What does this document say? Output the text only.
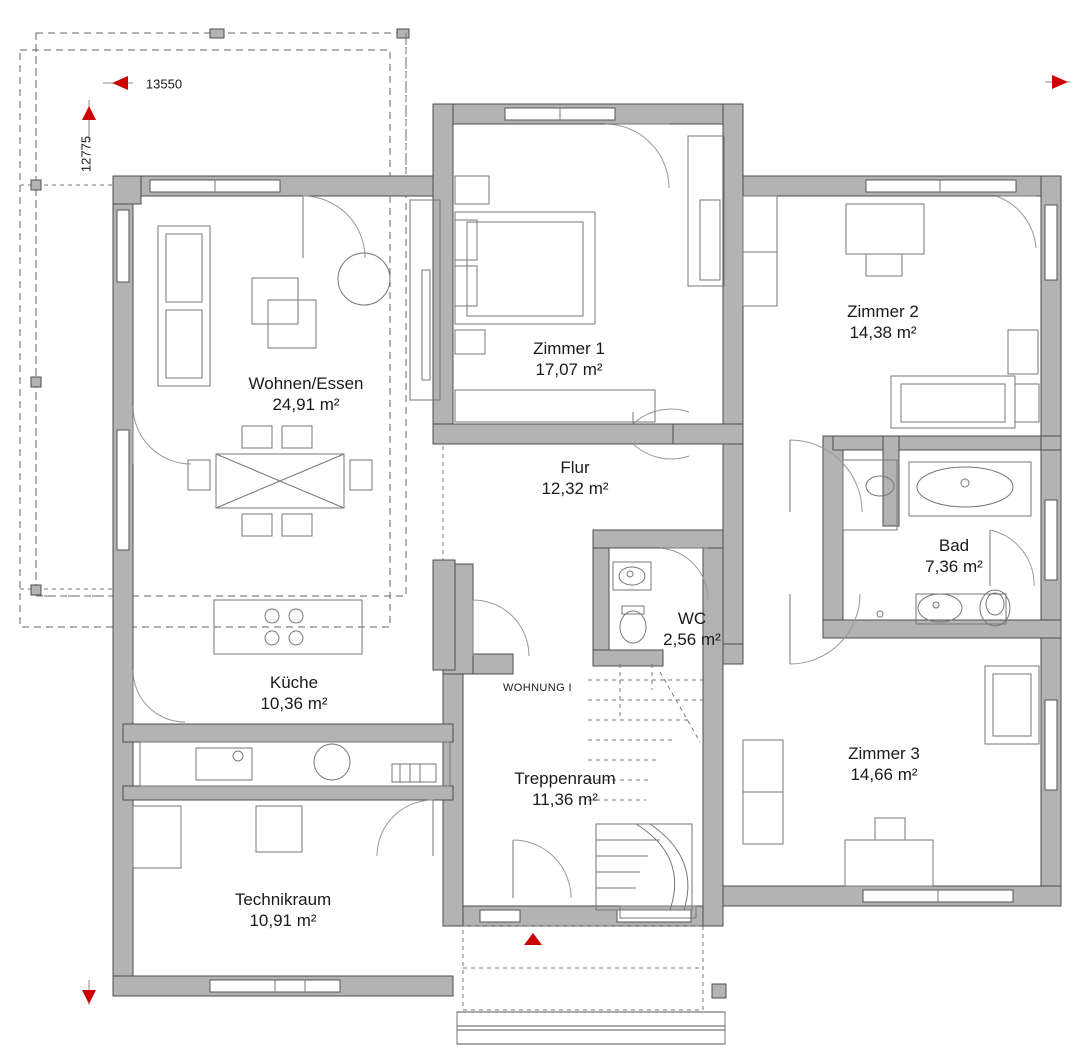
Wohnen/Essen
24,91 m²
Zimmer 1
17,07 m²
Zimmer 2
14,38 m²
Flur
12,32 m²
Bad
7,36 m²
WC
2,56 m²
Küche
10,36 m²
Zimmer 3
14,66 m²
Treppenraum
11,36 m²
Technikraum
10,91 m²
13550
12775
WOHNUNG I
